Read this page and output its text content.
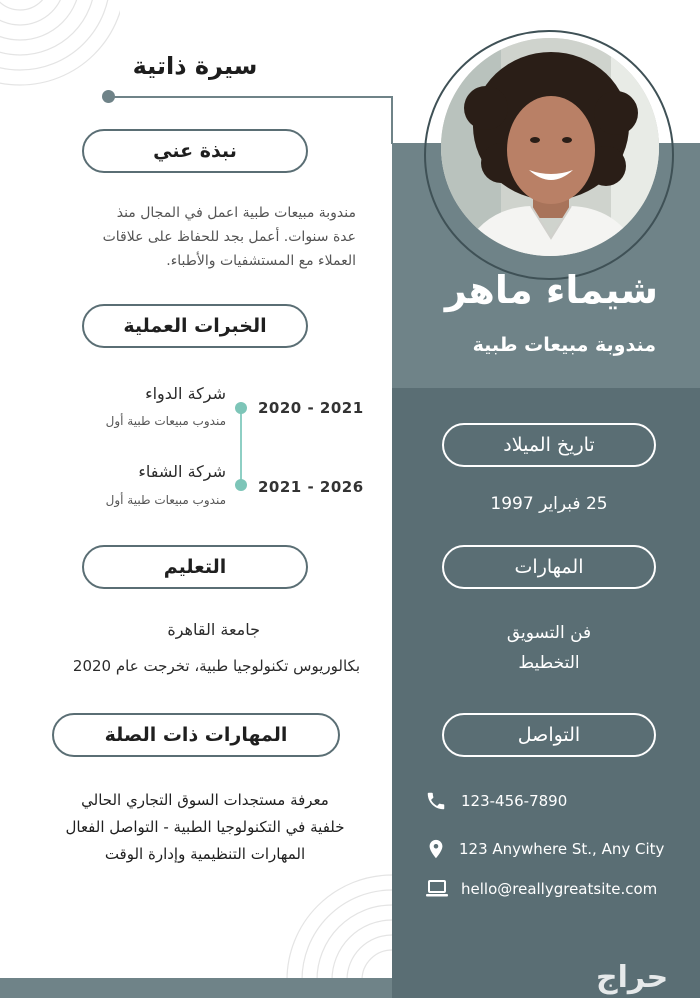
سيرة ذاتية
شيماء ماهر
مندوبة مبيعات طبية
نبذة عني
مندوبة مبيعات طبية اعمل في المجال منذ
عدة سنوات. أعمل بجد للحفاظ على علاقات
العملاء مع المستشفيات والأطباء.
الخبرات العملية
2020 - 2021
شركة الدواء
مندوب مبيعات طبية أول
2021 - 2026
شركة الشفاء
مندوب مبيعات طبية أول
التعليم
جامعة القاهرة
بكالوريوس تكنولوجيا طبية، تخرجت عام 2020
المهارات ذات الصلة
معرفة مستجدات السوق التجاري الحالي
خلفية في التكنولوجيا الطبية - التواصل الفعال
المهارات التنظيمية وإدارة الوقت
تاريخ الميلاد
25 فبراير 1997
المهارات
فن التسويق
التخطيط
التواصل
123-456-7890
123 Anywhere St., Any City
hello@reallygreatsite.com
حراج
